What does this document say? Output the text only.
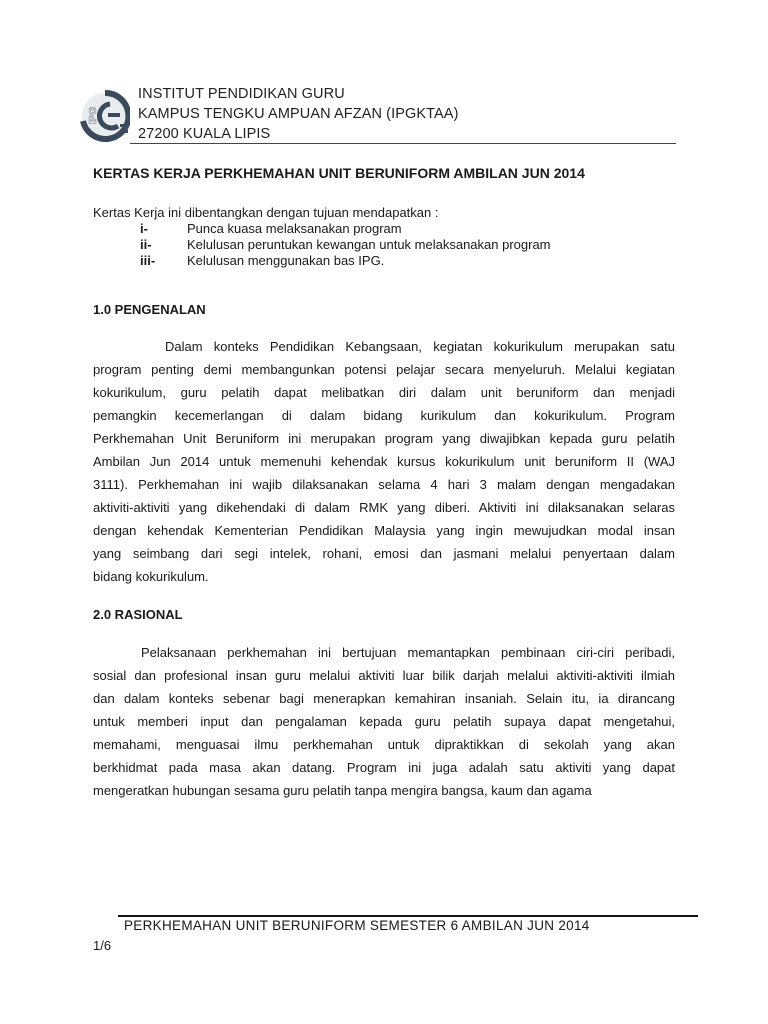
IPG
INSTITUT PENDIDIKAN GURU
KAMPUS TENGKU AMPUAN AFZAN (IPGKTAA)
27200 KUALA LIPIS
KERTAS KERJA PERKHEMAHAN UNIT BERUNIFORM AMBILAN JUN 2014
Kertas Kerja ini dibentangkan dengan tujuan mendapatkan :
i-	Punca kuasa melaksanakan program
ii-	Kelulusan peruntukan kewangan untuk melaksanakan program
iii- Kelulusan menggunakan bas IPG.
1.0 PENGENALAN
Dalam konteks Pendidikan Kebangsaan, kegiatan kokurikulum merupakan satu
program penting demi membangunkan potensi pelajar secara menyeluruh. Melalui kegiatan
kokurikulum, guru pelatih dapat melibatkan diri dalam unit beruniform dan menjadi
pemangkin kecemerlangan di dalam bidang kurikulum dan kokurikulum. Program
Perkhemahan Unit Beruniform ini merupakan program yang diwajibkan kepada guru pelatih
Ambilan Jun 2014 untuk memenuhi kehendak kursus kokurikulum unit beruniform II (WAJ
3111). Perkhemahan ini wajib dilaksanakan selama 4 hari 3 malam dengan mengadakan
aktiviti-aktiviti yang dikehendaki di dalam RMK yang diberi. Aktiviti ini dilaksanakan selaras
dengan kehendak Kementerian Pendidikan Malaysia yang ingin mewujudkan modal insan
yang seimbang dari segi intelek, rohani, emosi dan jasmani melalui penyertaan dalam
bidang kokurikulum.
2.0 RASIONAL
Pelaksanaan perkhemahan ini bertujuan memantapkan pembinaan ciri-ciri peribadi,
sosial dan profesional insan guru melalui aktiviti luar bilik darjah melalui aktiviti-aktiviti ilmiah
dan dalam konteks sebenar bagi menerapkan kemahiran insaniah. Selain itu, ia dirancang
untuk memberi input dan pengalaman kepada guru pelatih supaya dapat mengetahui,
memahami, menguasai ilmu perkhemahan untuk dipraktikkan di sekolah yang akan
berkhidmat pada masa akan datang. Program ini juga adalah satu aktiviti yang dapat
mengeratkan hubungan sesama guru pelatih tanpa mengira bangsa, kaum dan agama
PERKHEMAHAN UNIT BERUNIFORM SEMESTER 6 AMBILAN JUN 2014
1/6
